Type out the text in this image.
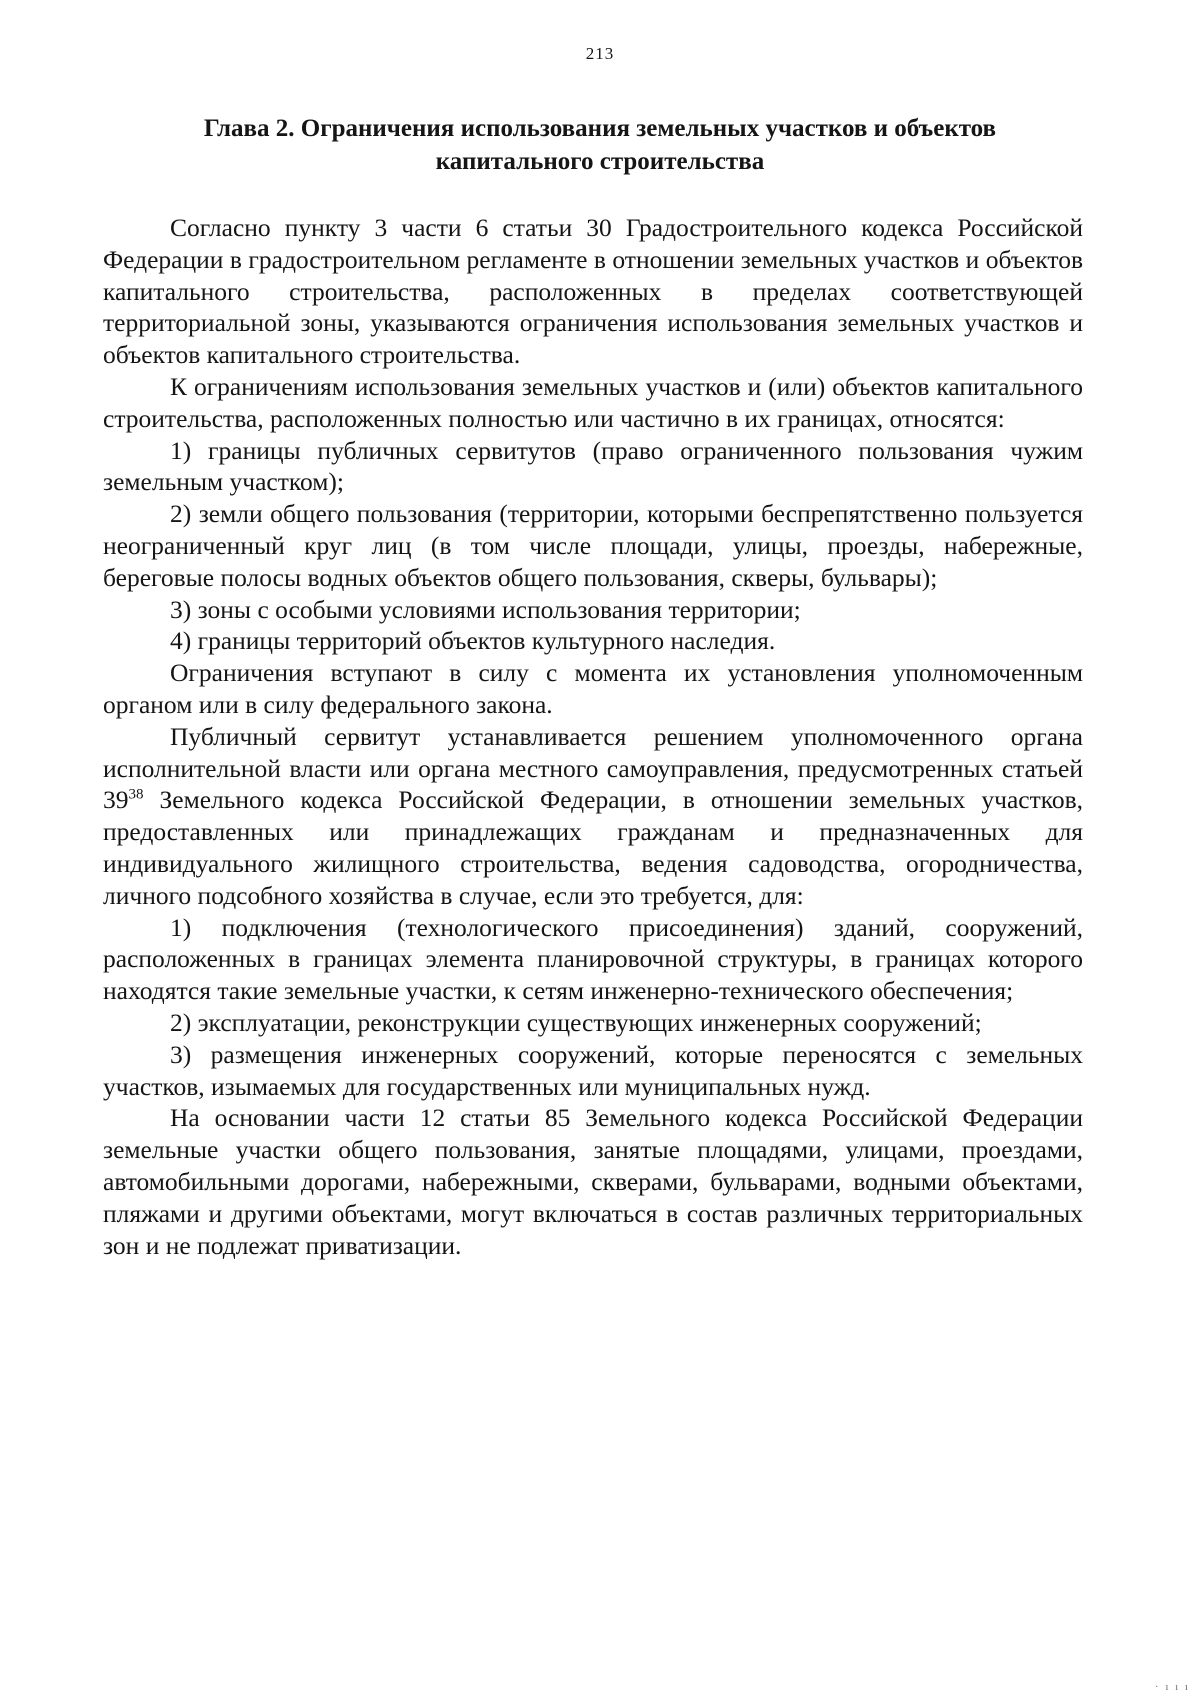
213
Глава 2. Ограничения использования земельных участков и объектов
капитального строительства

Согласно пункту 3 части 6 статьи 30 Градостроительного кодекса Российской Федерации в градостроительном регламенте в отношении земельных участков и объектов капитального строительства, расположенных в пределах соответствующей территориальной зоны, указываются ограничения использования земельных участков и объектов капитального строительства.

К ограничениям использования земельных участков и (или) объектов капитального строительства, расположенных полностью или частично в их границах, относятся:

1) границы публичных сервитутов (право ограниченного пользования чужим земельным участком);

2) земли общего пользования (территории, которыми беспрепятственно пользуется неограниченный круг лиц (в том числе площади, улицы, проезды, набережные, береговые полосы водных объектов общего пользования, скверы, бульвары);

3) зоны с особыми условиями использования территории;

4) границы территорий объектов культурного наследия.

Ограничения вступают в силу с момента их установления уполномоченным органом или в силу федерального закона.

Публичный сервитут устанавливается решением уполномоченного органа исполнительной власти или органа местного самоуправления, предусмотренных статьей $39^{38}$ Земельного кодекса Российской Федерации, в отношении земельных участков, предоставленных или принадлежащих гражданам и предназначенных для индивидуального жилищного строительства, ведения садоводства, огородничества, личного подсобного хозяйства в случае, если это требуется, для:

1) подключения (технологического присоединения) зданий, сооружений, расположенных в границах элемента планировочной структуры, в границах которого находятся такие земельные участки, к сетям инженерно-технического обеспечения;

2) эксплуатации, реконструкции существующих инженерных сооружений;

3) размещения инженерных сооружений, которые переносятся с земельных участков, изымаемых для государственных или муниципальных нужд.

На основании части 12 статьи 85 Земельного кодекса Российской Федерации земельные участки общего пользования, занятые площадями, улицами, проездами, автомобильными дорогами, набережными, скверами, бульварами, водными объектами, пляжами и другими объектами, могут включаться в состав различных территориальных зон и не подлежат приватизации.

· ı ı ı
